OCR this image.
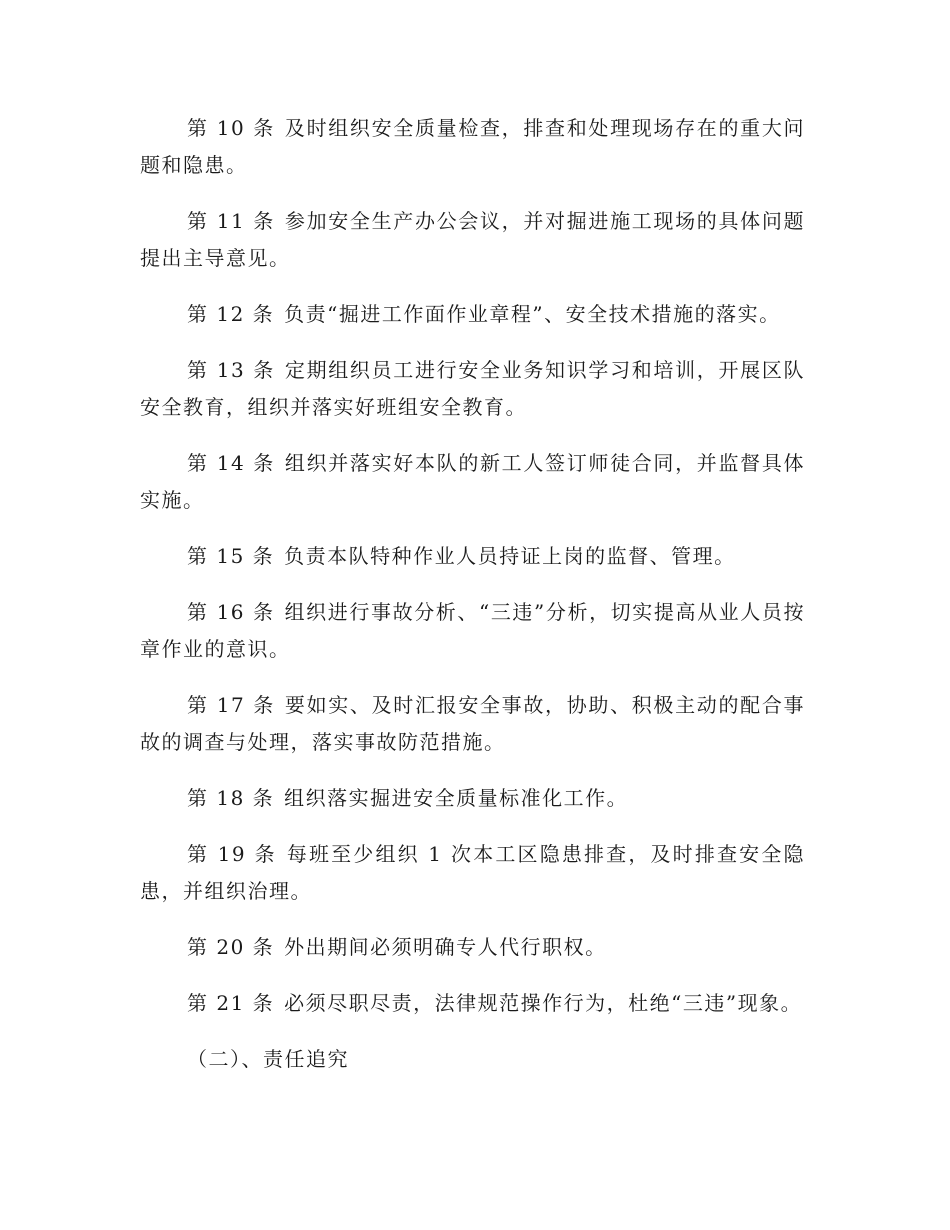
第 10 条 及时组织安全质量检查，排查和处理现场存在的重大问题和隐患。

第 11 条 参加安全生产办公会议，并对掘进施工现场的具体问题提出主导意见。

第 12 条 负责“掘进工作面作业章程”、安全技术措施的落实。

第 13 条 定期组织员工进行安全业务知识学习和培训，开展区队安全教育，组织并落实好班组安全教育。

第 14 条 组织并落实好本队的新工人签订师徒合同，并监督具体实施。

第 15 条 负责本队特种作业人员持证上岗的监督、管理。

第 16 条 组织进行事故分析、“三违”分析，切实提高从业人员按章作业的意识。

第 17 条 要如实、及时汇报安全事故，协助、积极主动的配合事故的调查与处理，落实事故防范措施。

第 18 条 组织落实掘进安全质量标准化工作。

第 19 条 每班至少组织 1 次本工区隐患排查，及时排查安全隐患，并组织治理。

第 20 条 外出期间必须明确专人代行职权。

第 21 条 必须尽职尽责，法律规范操作行为，杜绝“三违”现象。

（二）、责任追究
